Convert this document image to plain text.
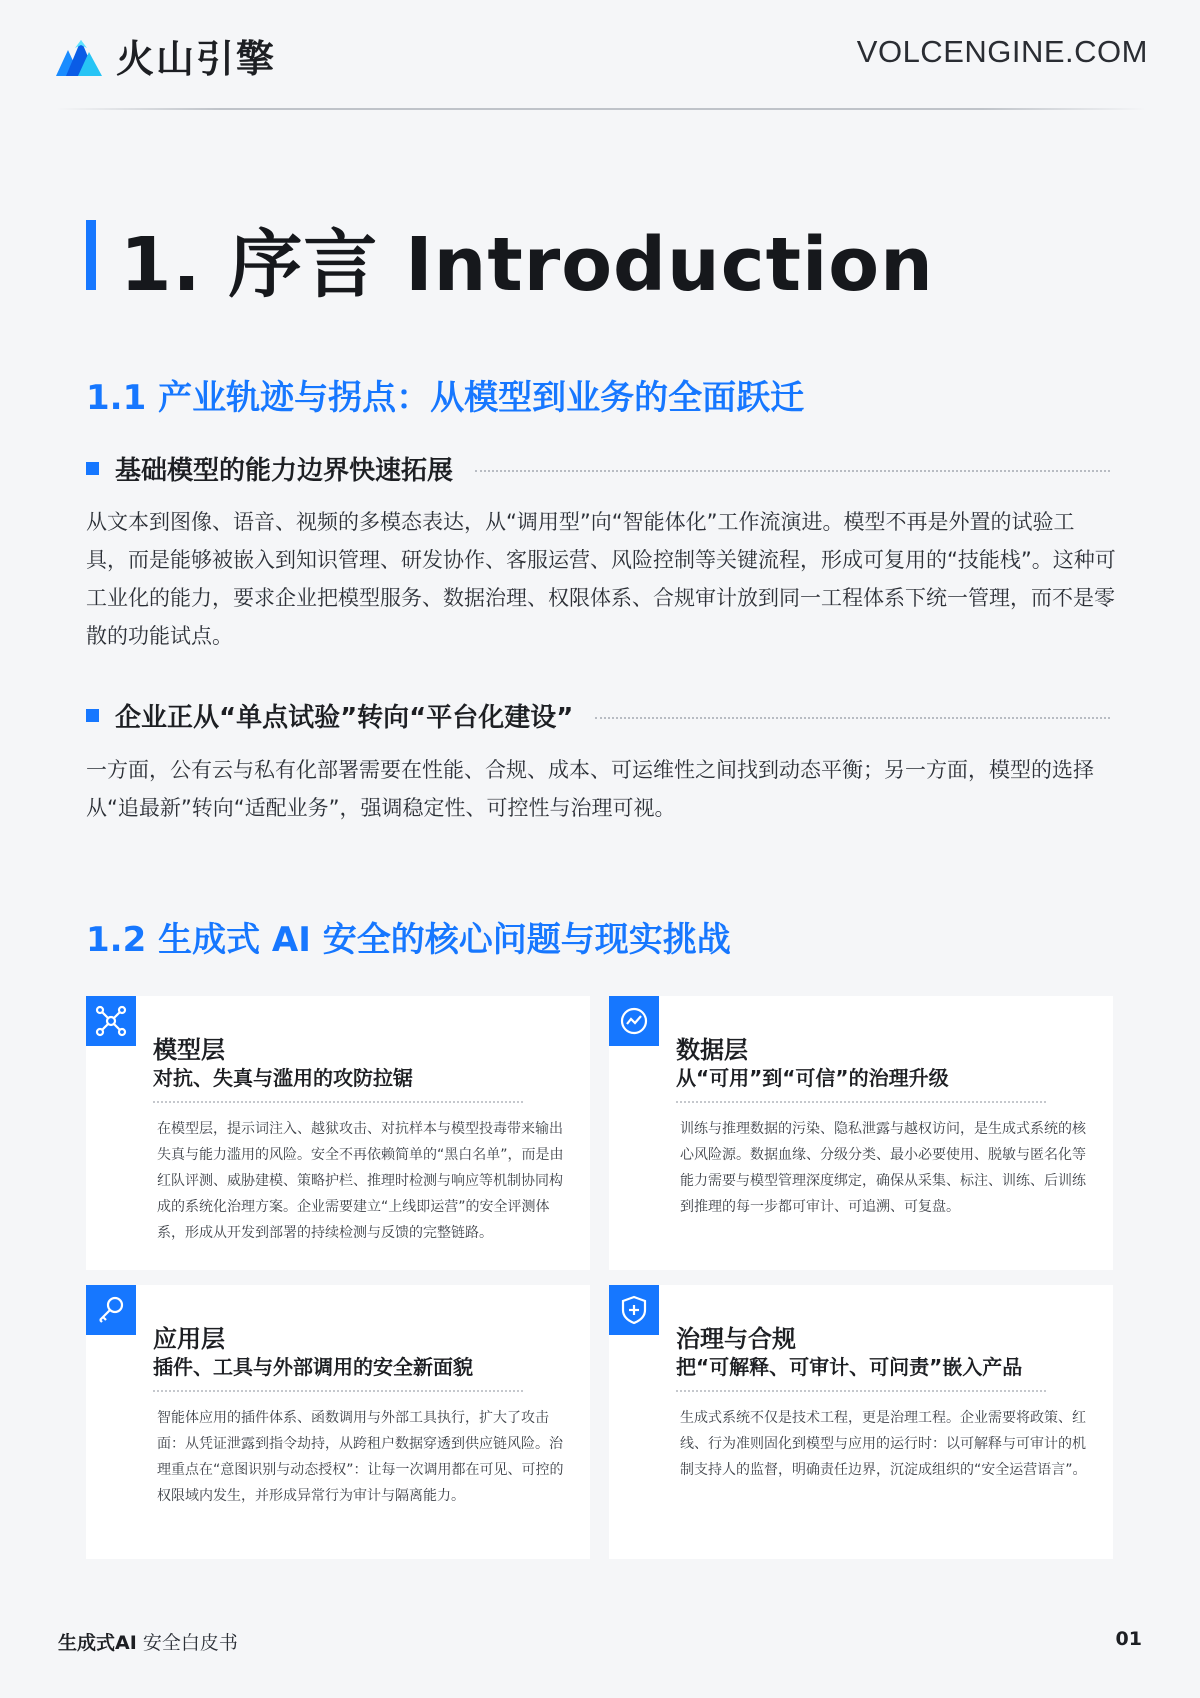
火山引擎	VOLCENGINE.COM
1. 序言 Introduction
1.1 产业轨迹与拐点：从模型到业务的全面跃迁
基础模型的能力边界快速拓展
从文本到图像、语音、视频的多模态表达，从“调用型”向“智能体化”工作流演进。模型不再是外置的试验工具，而是能够被嵌入到知识管理、研发协作、客服运营、风险控制等关键流程，形成可复用的“技能栈”。这种可工业化的能力，要求企业把模型服务、数据治理、权限体系、合规审计放到同一工程体系下统一管理，而不是零散的功能试点。
企业正从“单点试验”转向“平台化建设”
一方面，公有云与私有化部署需要在性能、合规、成本、可运维性之间找到动态平衡；另一方面，模型的选择从“追最新”转向“适配业务”，强调稳定性、可控性与治理可视。
1.2 生成式 AI 安全的核心问题与现实挑战
模型层
对抗、失真与滥用的攻防拉锯
在模型层，提示词注入、越狱攻击、对抗样本与模型投毒带来输出失真与能力滥用的风险。安全不再依赖简单的“黑白名单”，而是由红队评测、威胁建模、策略护栏、推理时检测与响应等机制协同构成的系统化治理方案。企业需要建立“上线即运营”的安全评测体系，形成从开发到部署的持续检测与反馈的完整链路。
数据层
从“可用”到“可信”的治理升级
训练与推理数据的污染、隐私泄露与越权访问，是生成式系统的核心风险源。数据血缘、分级分类、最小必要使用、脱敏与匿名化等能力需要与模型管理深度绑定，确保从采集、标注、训练、后训练到推理的每一步都可审计、可追溯、可复盘。
应用层
插件、工具与外部调用的安全新面貌
智能体应用的插件体系、函数调用与外部工具执行，扩大了攻击面：从凭证泄露到指令劫持，从跨租户数据穿透到供应链风险。治理重点在“意图识别与动态授权”：让每一次调用都在可见、可控的权限域内发生，并形成异常行为审计与隔离能力。
治理与合规
把“可解释、可审计、可问责”嵌入产品
生成式系统不仅是技术工程，更是治理工程。企业需要将政策、红线、行为准则固化到模型与应用的运行时：以可解释与可审计的机制支持人的监督，明确责任边界，沉淀成组织的“安全运营语言”。
生成式AI 安全白皮书	01
